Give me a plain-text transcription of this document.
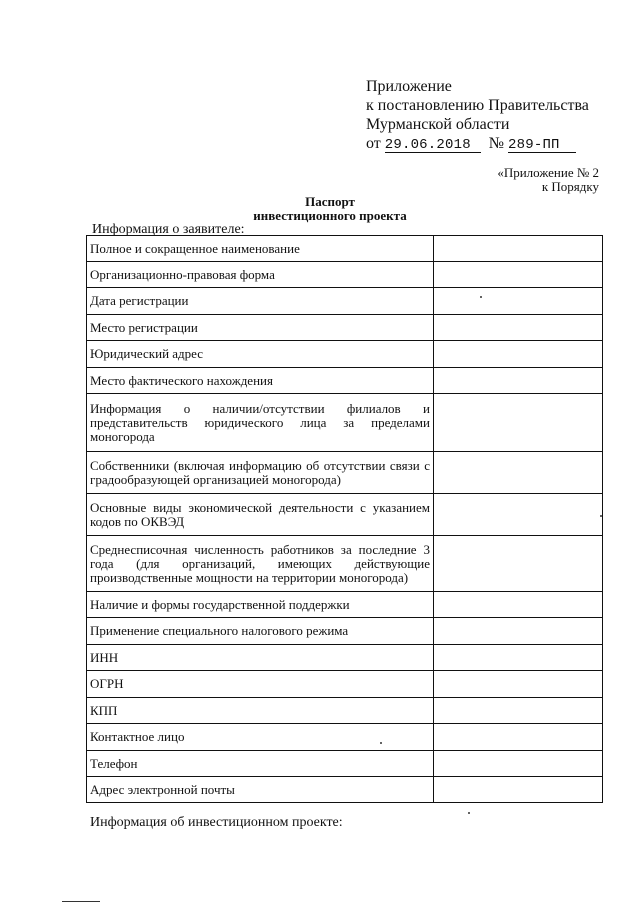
Приложение
к постановлению Правительства
Мурманской области
от 29.06.2018 № 289-ПП
«Приложение № 2
к Порядку
Паспорт
инвестиционного проекта
Информация о заявителе:
Полное и сокращенное наименование	
Организационно-правовая форма	
Дата регистрации	
Место регистрации	
Юридический адрес	
Место фактического нахождения	
Информация о наличии/отсутствии филиалов и представительств юридического лица за пределами
моногорода	

Собственники (включая информацию об отсутствии связи с
градообразующей организацией моногорода)	

Основные виды экономической деятельности с указанием
кодов по ОКВЭД	

Среднесписочная численность работников за последние 3 года (для организаций, имеющих действующие
производственные мощности на территории моногорода)	

Наличие и формы государственной поддержки	
Применение специального налогового режима	
ИНН	
ОГРН	
КПП	
Контактное лицо	
Телефон	
Адрес электронной почты	
Информация об инвестиционном проекте:
